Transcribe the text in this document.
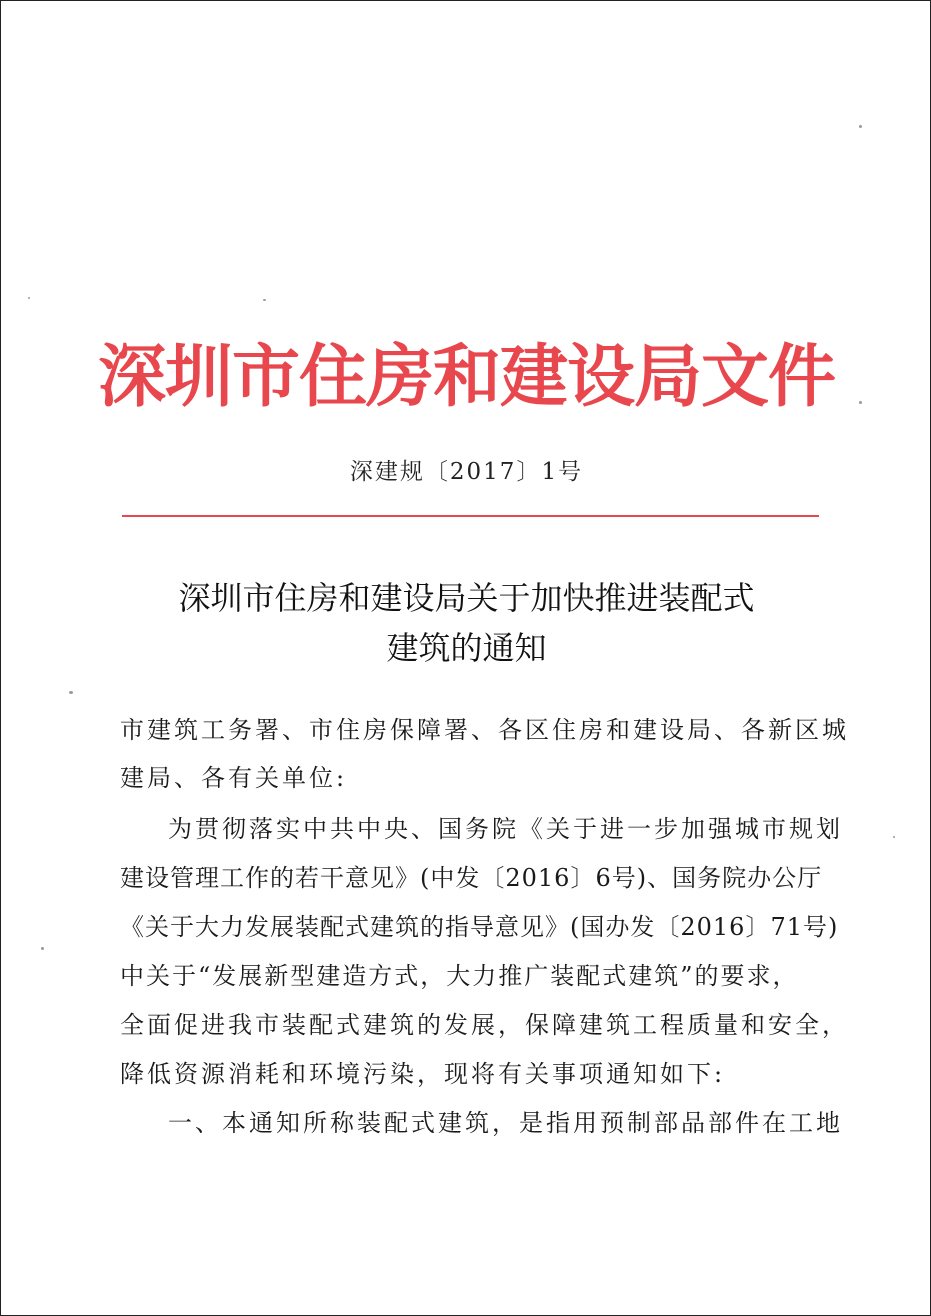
深圳市住房和建设局文件
深建规〔2017〕1号
深圳市住房和建设局关于加快推进装配式
建筑的通知
市建筑工务署、市住房保障署、各区住房和建设局、各新区城
建局、各有关单位:
为贯彻落实中共中央、国务院《关于进一步加强城市规划
建设管理工作的若干意见》(中发〔2016〕6号)、国务院办公厅
《关于大力发展装配式建筑的指导意见》(国办发〔2016〕71号)
中关于“发展新型建造方式，大力推广装配式建筑”的要求，
全面促进我市装配式建筑的发展，保障建筑工程质量和安全，
降低资源消耗和环境污染，现将有关事项通知如下:
一、本通知所称装配式建筑，是指用预制部品部件在工地
